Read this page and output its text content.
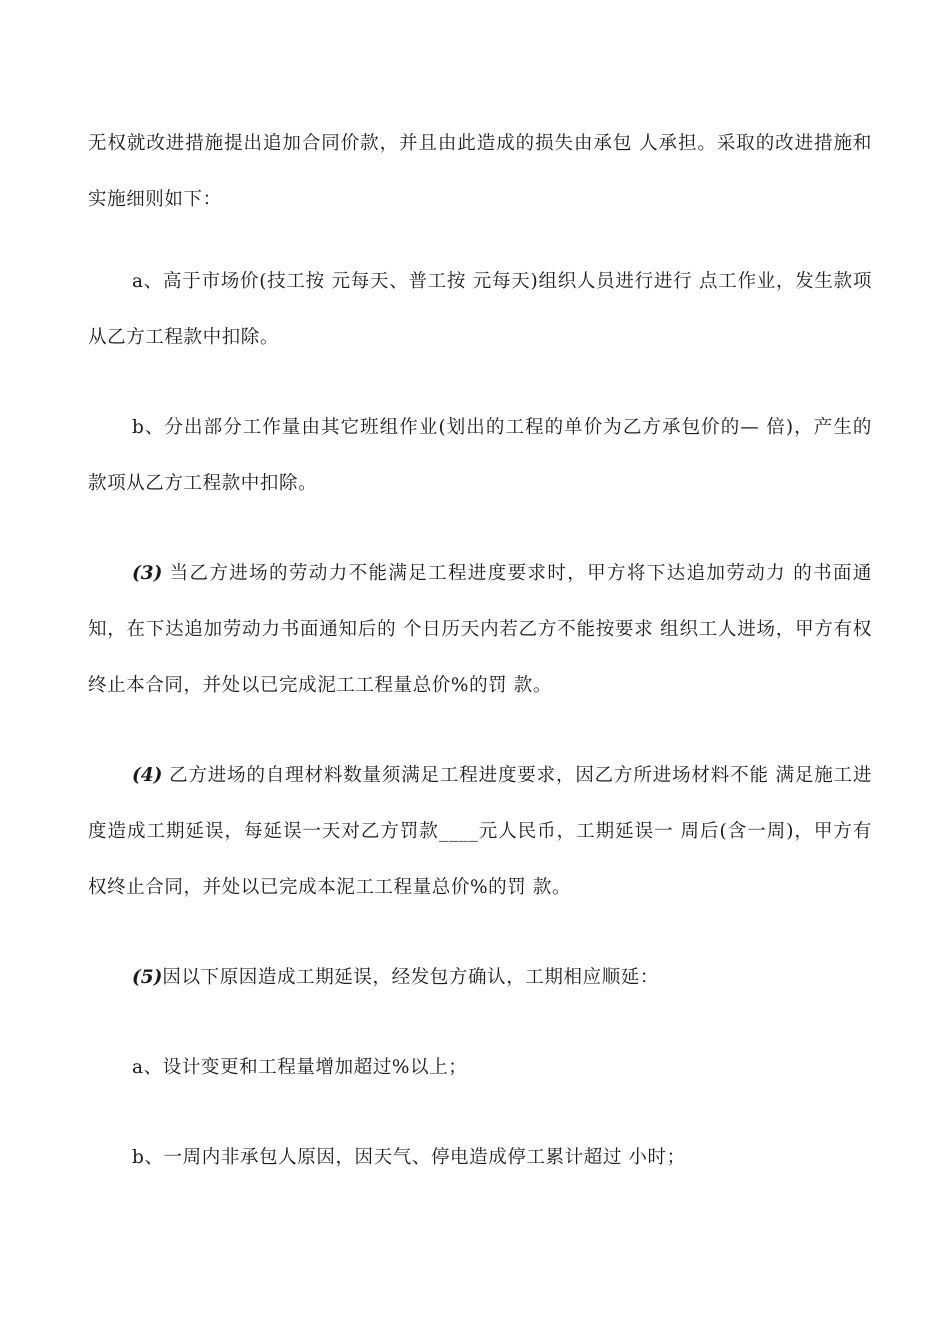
无权就改进措施提出追加合同价款，并且由此造成的损失由承包 人承担。采取的改进措施和实施细则如下：

a、高于市场价(技工按 元每天、普工按 元每天)组织人员进行进行 点工作业，发生款项从乙方工程款中扣除。

b、分出部分工作量由其它班组作业(划出的工程的单价为乙方承包价的— 倍)，产生的款项从乙方工程款中扣除。

(3) 当乙方进场的劳动力不能满足工程进度要求时，甲方将下达追加劳动力 的书面通知，在下达追加劳动力书面通知后的 个日历天内若乙方不能按要求 组织工人进场，甲方有权终止本合同，并处以已完成泥工工程量总价%的罚 款。

(4) 乙方进场的自理材料数量须满足工程进度要求，因乙方所进场材料不能 满足施工进度造成工期延误，每延误一天对乙方罚款____元人民币，工期延误一 周后(含一周)，甲方有权终止合同，并处以已完成本泥工工程量总价%的罚 款。

(5)因以下原因造成工期延误，经发包方确认，工期相应顺延：

a、设计变更和工程量增加超过%以上；

b、一周内非承包人原因，因天气、停电造成停工累计超过 小时；
